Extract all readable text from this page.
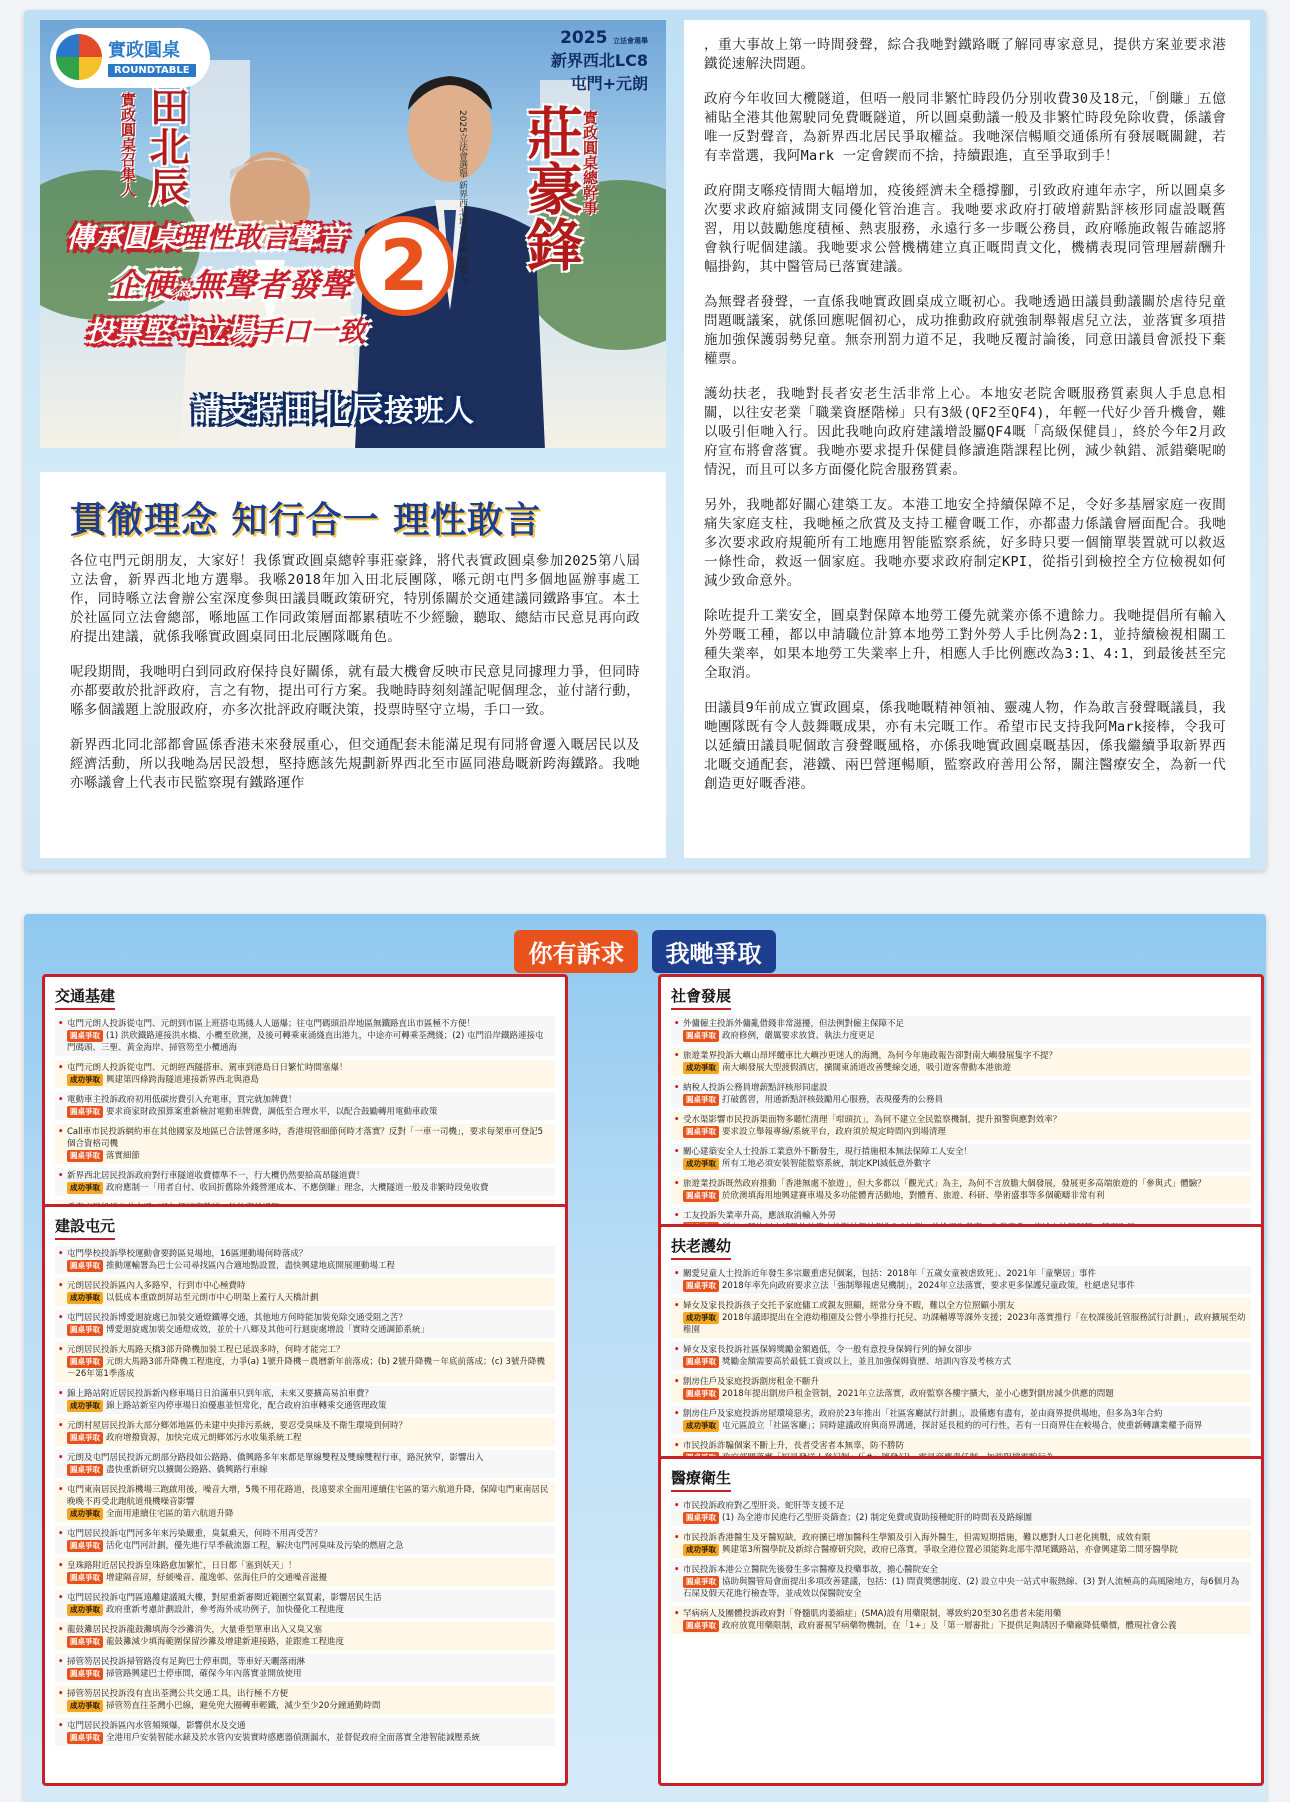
實政圓桌
ROUNDTABLE
2025 立法會選舉
新界西北LC8
屯門+元朗
實政圓桌召集人 田北辰	莊豪鋒
實政圓桌總幹事
2025立法會選舉 新界西北地方選區 候選人
傳承圓桌理性敢言聲音
企硬為無聲者發聲
投票堅守立場手口一致
2
請支持田北辰接班人
貫徹理念 知行合一 理性敢言

各位屯門元朗朋友，大家好！我係實政圓桌總幹事莊豪鋒，將代表實政圓桌參加2025第八屆立法會，新界西北地方選舉。我喺2018年加入田北辰團隊，喺元朗屯門多個地區辦事處工作，同時喺立法會辦公室深度參與田議員嘅政策研究，特別係關於交通建議同鐵路事宜。本土於社區同立法會總部，喺地區工作同政策層面都累積咗不少經驗，聽取、總結市民意見再向政府提出建議，就係我喺實政圓桌同田北辰團隊嘅角色。

呢段期間，我哋明白到同政府保持良好關係，就有最大機會反映市民意見同據理力爭，但同時亦都要敢於批評政府，言之有物，提出可行方案。我哋時時刻刻謹記呢個理念，並付諸行動，喺多個議題上說服政府，亦多次批評政府嘅決策，投票時堅守立場，手口一致。

新界西北同北部都會區係香港未來發展重心，但交通配套未能滿足現有同將會遷入嘅居民以及經濟活動，所以我哋為居民設想，堅持應該先規劃新界西北至市區同港島嘅新跨海鐵路。我哋亦喺議會上代表市民監察現有鐵路運作

，重大事故上第一時間發聲，綜合我哋對鐵路嘅了解同專家意見，提供方案並要求港鐵從速解決問題。

政府今年收回大欖隧道，但唔一般同非繁忙時段仍分別收費30及18元，「倒賺」五億補貼全港其他駕駛同免費嘅隧道，所以圓桌動議一般及非繁忙時段免除收費，係議會唯一反對聲音，為新界西北居民爭取權益。我哋深信暢順交通係所有發展嘅關鍵，若有幸當選，我阿Mark 一定會鍥而不捨，持續跟進，直至爭取到手！

政府開支喺疫情間大幅增加，疫後經濟未全穩撐腳，引致政府連年赤字，所以圓桌多次要求政府縮減開支同優化管治進言。我哋要求政府打破增薪點評核形同虛設嘅舊習，用以鼓勵態度積極、熱衷服務，永遠行多一步嘅公務員，政府喺施政報告確認將會執行呢個建議。我哋要求公營機構建立真正嘅問責文化，機構表現同管理層薪酬升幅掛鈎，其中醫管局已落實建議。

為無聲者發聲，一直係我哋實政圓桌成立嘅初心。我哋透過田議員動議關於虐待兒童問題嘅議案，就係回應呢個初心，成功推動政府就強制舉報虐兒立法，並落實多項措施加強保護弱勢兒童。無奈刑罰力道不足，我哋反覆討論後，同意田議員會派投下棄權票。

護幼扶老，我哋對長者安老生活非常上心。本地安老院舍嘅服務質素與人手息息相關，以往安老業「職業資歷階梯」只有3級(QF2至QF4)，年輕一代好少晉升機會，難以吸引佢哋入行。因此我哋向政府建議增設屬QF4嘅「高級保健員」，終於今年2月政府宣布將會落實。我哋亦要求提升保健員修讀進階課程比例，減少執錯、派錯藥呢啲情況，而且可以多方面優化院舍服務質素。

另外，我哋都好關心建築工友。本港工地安全持續保障不足，令好多基層家庭一夜間痛失家庭支柱，我哋極之欣賞及支持工權會嘅工作，亦都盡力係議會層面配合。我哋多次要求政府規範所有工地應用智能監察系統，好多時只要一個簡單裝置就可以救返一條性命，救返一個家庭。我哋亦要求政府制定KPI，從指引到檢控全方位檢視如何減少致命意外。

除咗提升工業安全，圓桌對保障本地勞工優先就業亦係不遺餘力。我哋提倡所有輸入外勞嘅工種，都以申請職位計算本地勞工對外勞人手比例為2:1，並持續檢視相關工種失業率，如果本地勞工失業率上升，相應人手比例應改為3:1、4:1，到最後甚至完全取消。

田議員9年前成立實政圓桌，係我哋嘅精神領袖、靈魂人物，作為敢言發聲嘅議員，我哋團隊既有令人鼓舞嘅成果，亦有未完嘅工作。希望市民支持我阿Mark接棒，令我可以延續田議員呢個敢言發聲嘅風格，亦係我哋實政圓桌嘅基因，係我繼續爭取新界西北嘅交通配套，港鐵、兩巴營運暢順，監察政府善用公帑，關注醫療安全，為新一代創造更好嘅香港。

你有訴求 我哋爭取
交通基建
• 屯門元朗人投訴從屯門、元朗到市區上班搭屯馬綫人人逼爆；往屯門碼頭沿岸地區無鐵路直出市區極不方便！
圓桌爭取 (1) 洪欣鐵路連接洪水橋、小欖至欣澳，及後可轉乘東涌綫直出港九，中途亦可轉乘荃灣綫；(2) 屯門沿岸鐵路連接屯門碼頭、三聖、黃金海岸、掃管笏至小欖通海
• 屯門元朗人投訴從屯門、元朗經西隧搭車、駕車到港島日日繁忙時間塞爆！
成功爭取 興建第四條跨海隧道連接新界西北與港島
• 電動車主投訴政府初用低碳房費引入充電車，買完就加牌費！
圓桌爭取 要求商家財政預算案重新檢討電動車牌費，調低至合理水平，以配合鼓勵轉用電動車政策
• Call車市民投訴網約車在其他國家及地區已合法營運多時，香港規管細節何時才落實？反對「一車一司機」，要求每架車可登記5個合資格司機
圓桌爭取 落實細節
• 新界西北居民投訴政府對行車隧道收費標準不一，行大欖仍然要給高昂隧道費！
成功爭取 政府應制一「用者自付、收回折舊除外錢營運成本、不應倒賺」理念，大欖隧道一般及非繁時段免收費
建設屯元
• 屯門學校投訴學校運動會要跨區見場地，16區運動場何時落成？
圓桌爭取 推動運輸署為巴士公司尋找區內合適地點設置，盡快興建地底開展運動場工程
• 元朗居民投訴區內人多路窄，行到市中心極費時
成功爭取 以低成本重啟朗屏站至元朗市中心明渠上蓋行人天橋計劃
• 屯門居民投訴博愛迴旋處已加裝交通燈鐵導交通，其他地方何時能加裝免除交通受阻之苦？
圓桌爭取 博愛迴旋處加裝交通燈成效，並於十八鄉及其他可行迴旋處增設「實時交通調節系統」
• 元朗居民投訴大馬路天橋3部升降機加裝工程已延誤多時，何時才能完工？
圓桌爭取 元朗大馬路3部升降機工程進度，力爭(a) 1號升降機－農曆新年前落成；(b) 2號升降機－年底前落成；(c) 3號升降機－26年第1季落成
• 錦上路站附近居民投訴新內修車場日日泊滿車只到年底，未來又要擴高易泊車費？
成功爭取 錦上路站新室內停車場日泊優惠並恒常化，配合政府泊車轉乘交通管理政策
• 元朗村屋居民投訴大部分鄉郊地區仍未建中央排污系統，要忍受臭味及不衛生環境到何時？
圓桌爭取 政府增撥資源，加快完成元朗鄉郊污水收集系統工程
• 元朗及屯門居民投訴元朗部分路段如公路路、僑興路多年來都是單線雙程及雙線雙程行車，路況狹窄，影響出入
圓桌爭取 盡快重新研究以擴闊公路路、僑興路行車線
• 屯門東南居民投訴機場三跑啟用後，噪音大增，5幾不用花路道，長遠要求全面用連續住宅區的第六航道升降，保障屯門東南居民晚晚不再受北跑航道飛機噪音影響
成功爭取 全面用連續住宅區的第六航道升降
• 屯門居民投訴屯門河多年來污染嚴重，臭氣熏天，何時不用再受苦？
圓桌爭取 活化屯門河計劃，優先進行早季截流器工程，解決屯門河臭味及污染的燃眉之急
• 皇珠路附近居民投訴皇珠路愈加繁忙，日日都「塞到妖天」！
圓桌爭取 增建隔音屏，紓緩噪音、龍逸邨、弦海住戶的交通噪音滋擾
• 屯門居民投訴屯門區遠離建議風大樓，對屋重新審閱近範圍空氣質素，影響居民生活
成功爭取 政府重新考慮計劃設計，參考海外成功例子，加快優化工程進度
• 龍鼓灘居民投訴龍鼓灘填海令沙灘消失，大量垂型單車出入又臭又塞
圓桌爭取 龍鼓灘減少填海範圍保留沙灘及增建新連接路，並跟進工程進度
• 掃管笏居民投訴掃管路沒有足夠巴士停車間，等車好天曬落雨淋
圓桌爭取 掃管路興建巴士停車間，確保今年內落實並開放使用
• 掃管笏居民投訴沒有直出荃灣公共交通工具，出行極不方便
成功爭取 掃管笏直往荃灣小巴線，避免兜大圈轉車輕鐵，減少至少20分鐘通勤時間
• 屯門居民投訴區內水管頻頻爆，影響供水及交通
圓桌爭取 全港用戶安裝智能水錶及於水管內安裝實時感應器偵測漏水，並督促政府全面落實全港智能減壓系統
社會發展
• 外傭僱主投訴外傭亂借錢非常滋擾，但法例對僱主保障不足
圓桌爭取 政府修例，嚴厲要求放貸、執法力度更足
• 旅遊業界投訴大嶼山昂坪纜車比大嶼沙更迷人的海灣，為何今年施政報告卻對南大嶼發展隻字不提？
成功爭取 南大嶼發展大型渡假酒店，擴闊東涌道改善雙線交通，吸引遊客帶動本港旅遊
• 納稅人投訴公務員增薪點評核形同虛設
圓桌爭取 打破舊習，用通新點評核鼓勵用心服務，表現優秀的公務員
• 受水渠影響市民投訴渠面物多聽忙清理「咁頭抗」，為何不建立全民監察機制，提升預警與應對效率？
圓桌爭取 要求設立舉報專線/系統平台，政府須於規定時間內到場清理
• 關心建築安全人士投訴工業意外不斷發生，現行措施根本無法保障工人安全！
成功爭取 所有工地必須安裝智能監察系統，制定KPI減低意外數字
• 旅遊業投訴既然政府推動「香港無處不旅遊」，但大多都以「觀光式」為主，為何不言放膽大個發展，發展更多高端旅遊的「參與式」體驗？
圓桌爭取 於欣澳填海用地興建賽車場及多功能體育活動地，對體育、旅遊、科研、學術盛事等多個範疇非常有利
• 工友投訴失業率升高，應該取消輸入外勞
扶老護幼
• 關愛兒童人士投訴近年發生多宗嚴重虐兒個案，包括：2018年「五歲女童被虐致死」、2021年「童樂居」事件
圓桌爭取 2018年率先向政府要求立法「強制舉報虐兒機制」，2024年立法落實，要求更多保護兒童政策，杜絕虐兒事件
• 婦女及家長投訴孩子交托予家庭傭工或親友照顧，經常分身不暇，難以全方位照顧小朋友
成功爭取 2018年議即提出在全港幼稚園及公營小學推行托兒、功課輔導等課外支援；2023年落實推行「在校課後託管服務試行計劃」，政府擴展至幼稚園
• 婦女及家長投訴社區保姆獎勵金額過低，令一般有意投身保姆行列的婦女卻步
圓桌爭取 獎勵金額需要高於最低工資或以上，並且加強保姆資歷、培訓內容及考核方式
• 劏房住戶及家庭投訴劏房租金不斷升
圓桌爭取 2018年提出劏房戶租金管制，2021年立法落實，政府監察各樓宇擴大，並小心應對劏房減少供應的問題
• 劏房住戶及家庭投訴房屋環境惡劣，政府於23年推出「社區客廳試行計劃」，設備應有盡有，並由商界提供場地，但多為3年合約
成功爭取 屯元區設立「社區客廳」；同時建議政府與商界溝通，探討延長租約的可行性，若有一日商界住在較場合，使重新轉讓業權予商界
• 市民投訴詐騙個案不斷上升，長者受害者本無辜，防不勝防
醫療衛生
• 市民投訴政府對乙型肝炎、蛇肝等支援不足
圓桌爭取 (1) 為全港市民進行乙型肝炎篩查；(2) 制定免費或資助接種蛇肝的時間表及路線圖
• 市民投訴香港醫生及牙醫短缺，政府擴已增加醫科生學額及引入海外醫生，但需短期措施，難以應對人口老化挑戰，成效有限
成功爭取 興建第3所醫學院及新綜合醫療研究院，政府已落實，爭取全港位置必須能夠北部牛潭尾鐵路站，亦會興建第二間牙醫學院
• 市民投訴本港公立醫院先後發生多宗醫療及投藥事故，擔心醫院安全
圓桌爭取 協助與醫管局會面提出多項改善建議，包括：(1) 問責獎懲制度、(2) 設立中央一站式申報熱線、(3) 對人流極高的高風險地方，每6個月為石屎及假天花進行檢查等，並成效以保醫院安全
• 罕病病人及團體投訴政府對「脊髓肌肉萎縮症」(SMA)設有用藥限制，導致約20至30名患者未能用藥
圓桌爭取 政府放寬用藥限制，政府審視罕病藥物機制，在「1+」及「第一層審批」下提供足夠誘因予藥廠降低藥價，體現社會公義
